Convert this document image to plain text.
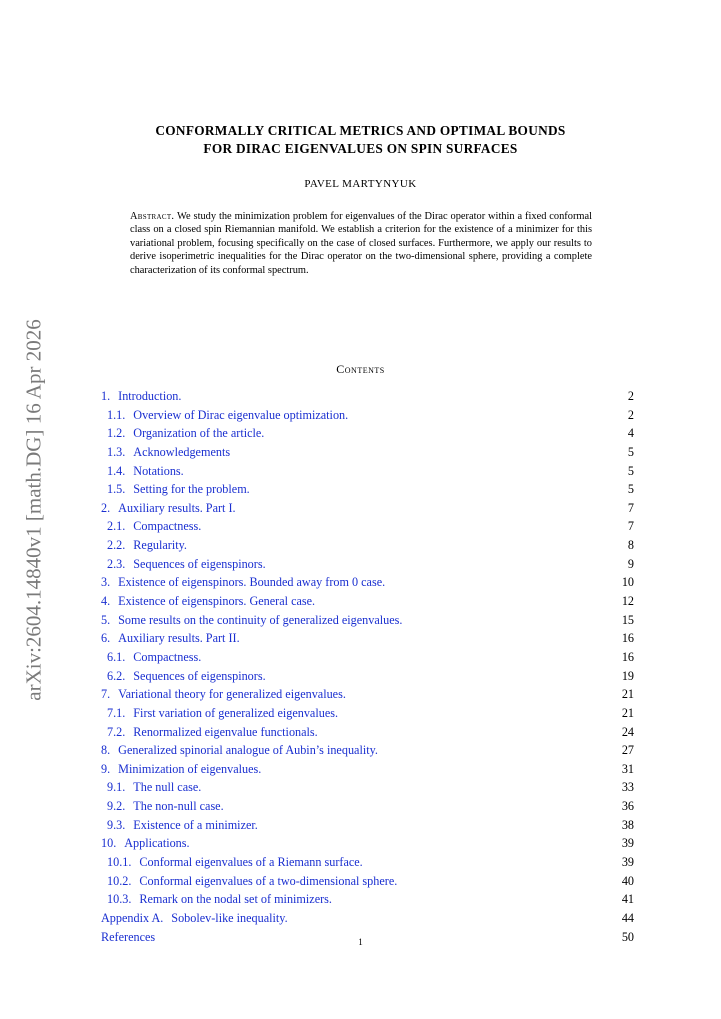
arXiv:2604.14840v1 [math.DG] 16 Apr 2026
CONFORMALLY CRITICAL METRICS AND OPTIMAL BOUNDS
FOR DIRAC EIGENVALUES ON SPIN SURFACES
PAVEL MARTYNYUK
Abstract. We study the minimization problem for eigenvalues of the Dirac operator within a fixed conformal class on a closed spin Riemannian manifold. We establish a criterion for the existence of a minimizer for this variational problem, focusing specifically on the case of closed surfaces. Furthermore, we apply our results to derive isoperimetric inequalities for the Dirac operator on the two-dimensional sphere, providing a complete characterization of its conformal spectrum.
Contents
1. Introduction.	2
1.1. Overview of Dirac eigenvalue optimization.	2
1.2. Organization of the article.	4
1.3. Acknowledgements	5
1.4. Notations.	5
1.5. Setting for the problem.	5
2. Auxiliary results. Part I.	7
2.1. Compactness.	7
2.2. Regularity.	8
2.3. Sequences of eigenspinors.	9
3. Existence of eigenspinors. Bounded away from 0 case.	10
4. Existence of eigenspinors. General case.	12
5. Some results on the continuity of generalized eigenvalues.	15
6. Auxiliary results. Part II.	16
6.1. Compactness.	16
6.2. Sequences of eigenspinors.	19
7. Variational theory for generalized eigenvalues.	21
7.1. First variation of generalized eigenvalues.	21
7.2. Renormalized eigenvalue functionals.	24
8. Generalized spinorial analogue of Aubin’s inequality.	27
9. Minimization of eigenvalues.	31
9.1. The null case.	33
9.2. The non-null case.	36
9.3. Existence of a minimizer.	38
10. Applications.	39
10.1. Conformal eigenvalues of a Riemann surface.	39
10.2. Conformal eigenvalues of a two-dimensional sphere.	40
10.3. Remark on the nodal set of minimizers.	41
Appendix A. Sobolev-like inequality.	44
References	50
1
